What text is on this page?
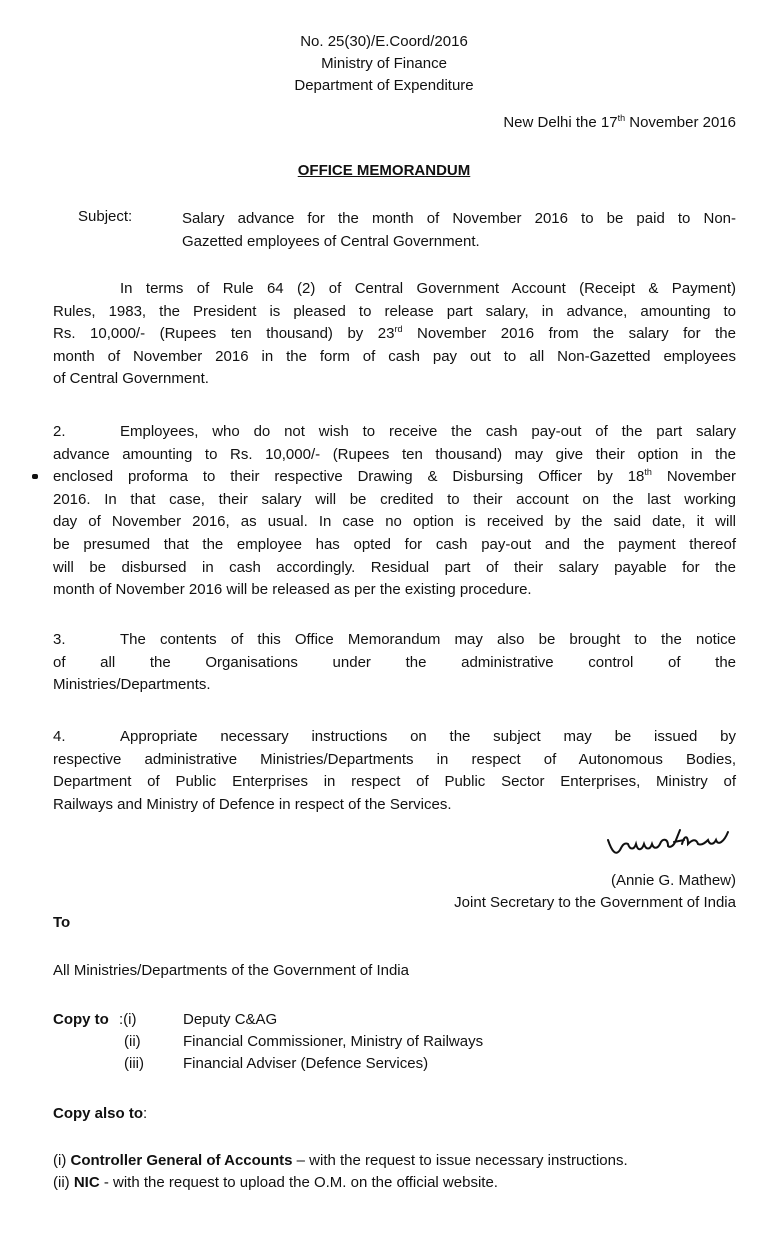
No. 25(30)/E.Coord/2016
Ministry of Finance
Department of Expenditure
New Delhi the 17th November 2016
OFFICE MEMORANDUM
Subject:	Salary advance for the month of November 2016 to be paid to Non-
Gazetted employees of Central Government.
In terms of Rule 64 (2) of Central Government Account (Receipt & Payment)
Rules, 1983, the President is pleased to release part salary, in advance, amounting to
Rs. 10,000/- (Rupees ten thousand) by 23rd November 2016 from the salary for the
month of November 2016 in the form of cash pay out to all Non-Gazetted employees
of Central Government.
2.	Employees, who do not wish to receive the cash pay-out of the part salary
advance amounting to Rs. 10,000/- (Rupees ten thousand) may give their option in the
enclosed proforma to their respective Drawing & Disbursing Officer by 18th November
2016. In that case, their salary will be credited to their account on the last working
day of November 2016, as usual. In case no option is received by the said date, it will
be presumed that the employee has opted for cash pay-out and the payment thereof
will be disbursed in cash accordingly. Residual part of their salary payable for the
month of November 2016 will be released as per the existing procedure.
3.	The contents of this Office Memorandum may also be brought to the notice
of all the Organisations under the administrative control of the
Ministries/Departments.
4.	Appropriate necessary instructions on the subject may be issued by
respective administrative Ministries/Departments in respect of Autonomous Bodies,
Department of Public Enterprises in respect of Public Sector Enterprises, Ministry of
Railways and Ministry of Defence in respect of the Services.
(Annie G. Mathew)
Joint Secretary to the Government of India
To
All Ministries/Departments of the Government of India
Copy to :(i)	Deputy C&AG
(ii)	Financial Commissioner, Ministry of Railways
(iii)	Financial Adviser (Defence Services)
Copy also to:
(i) Controller General of Accounts – with the request to issue necessary instructions.
(ii) NIC - with the request to upload the O.M. on the official website.
